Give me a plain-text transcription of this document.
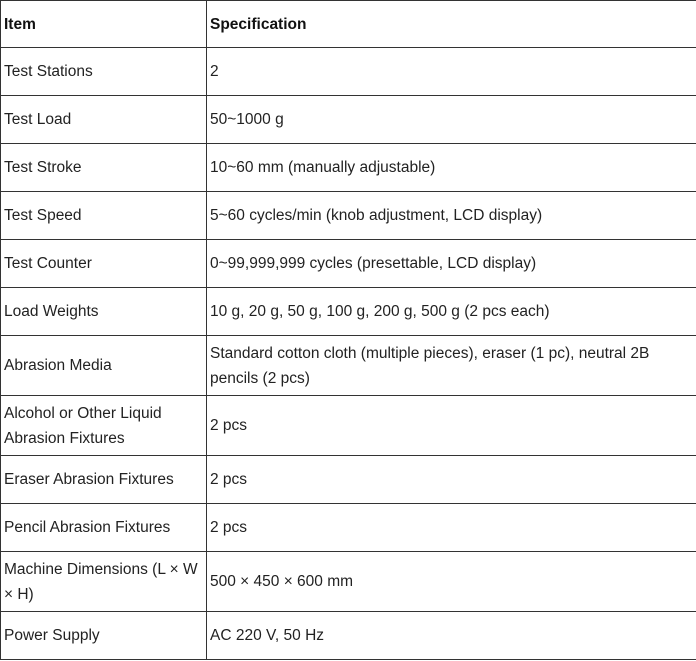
Item	Specification
Test Stations	2
Test Load	50~1000 g
Test Stroke	10~60 mm (manually adjustable)
Test Speed	5~60 cycles/min (knob adjustment, LCD display)
Test Counter	0~99,999,999 cycles (presettable, LCD display)
Load Weights	10 g, 20 g, 50 g, 100 g, 200 g, 500 g (2 pcs each)
Abrasion Media	Standard cotton cloth (multiple pieces), eraser (1 pc), neutral 2B pencils (2 pcs)
Alcohol or Other Liquid Abrasion Fixtures	2 pcs
Eraser Abrasion Fixtures	2 pcs
Pencil Abrasion Fixtures	2 pcs
Machine Dimensions (L × W × H)	500 × 450 × 600 mm
Power Supply	AC 220 V, 50 Hz
